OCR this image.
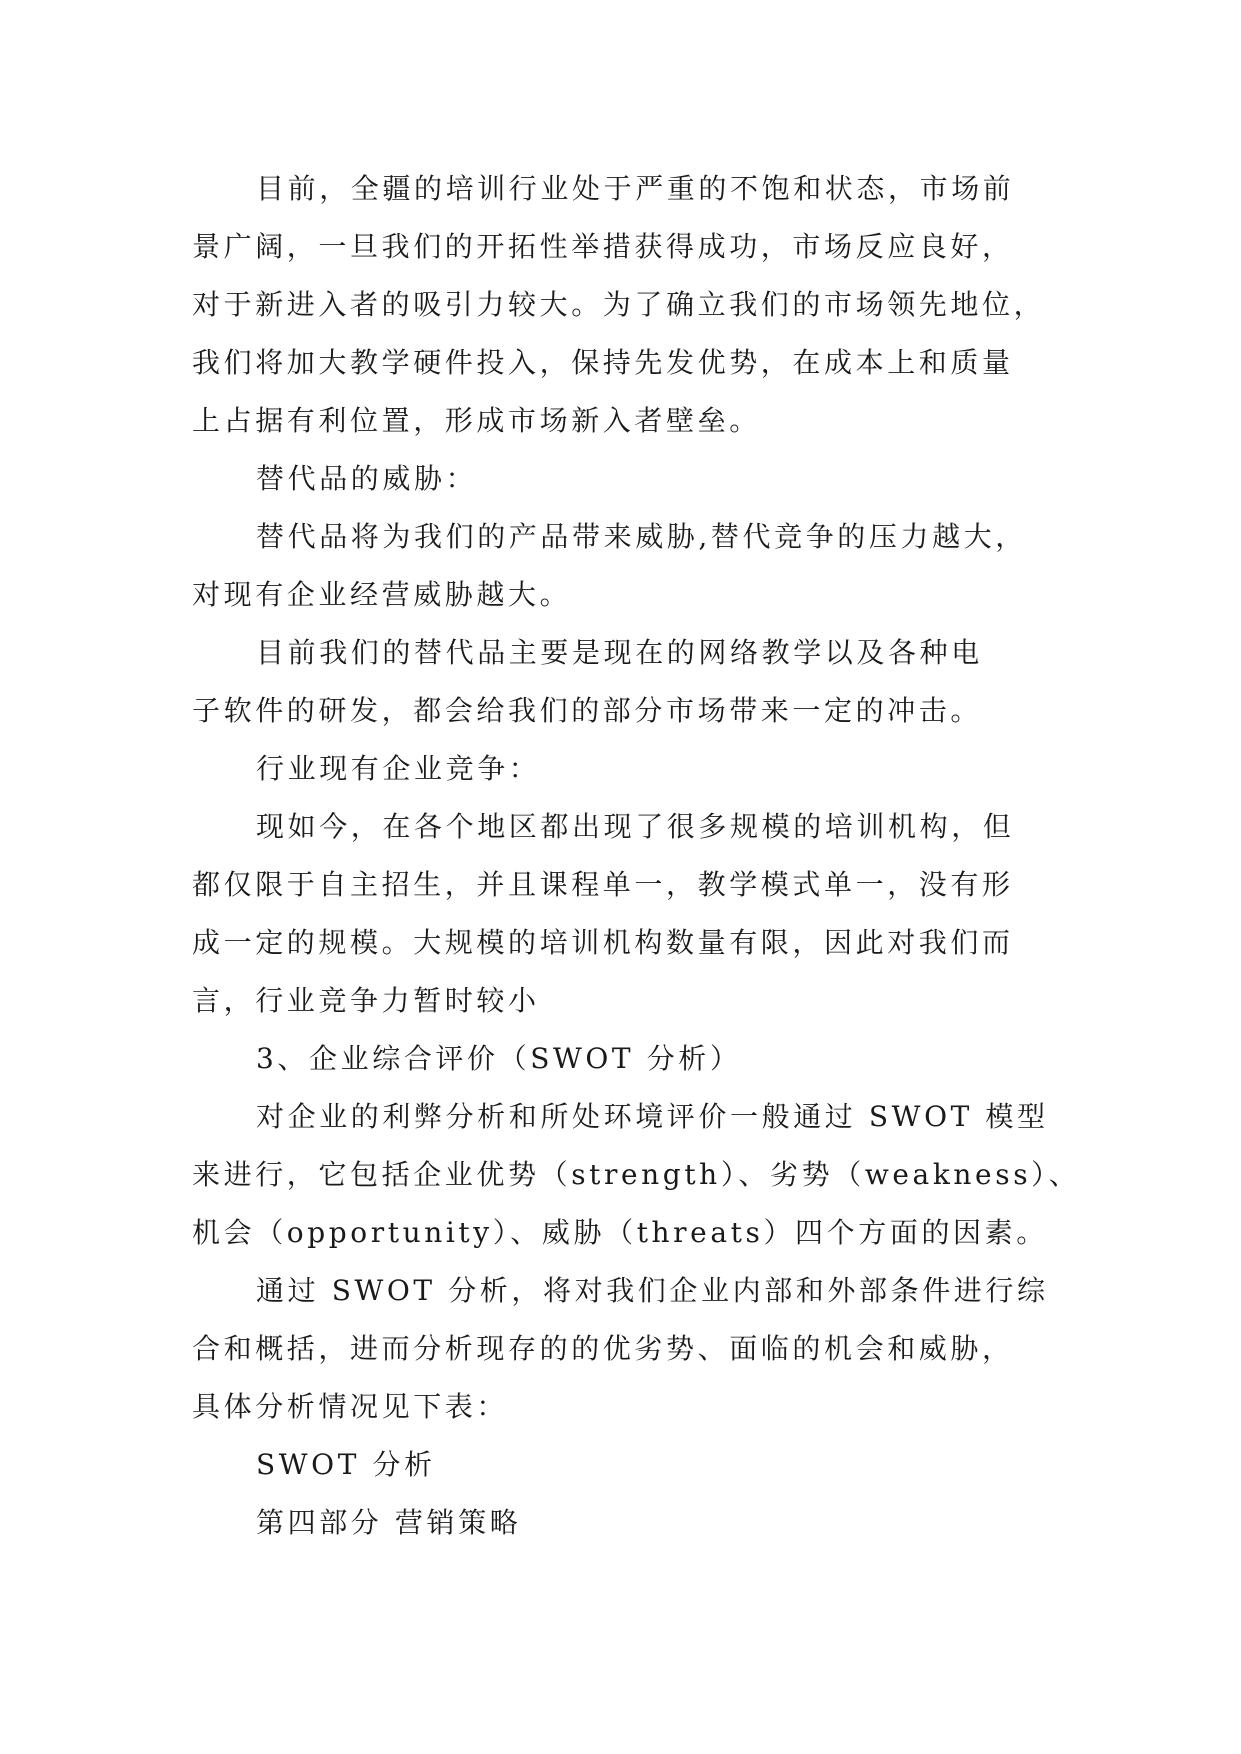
目前，全疆的培训行业处于严重的不饱和状态，市场前
景广阔，一旦我们的开拓性举措获得成功，市场反应良好，
对于新进入者的吸引力较大。为了确立我们的市场领先地位，
我们将加大教学硬件投入，保持先发优势，在成本上和质量
上占据有利位置，形成市场新入者壁垒。

替代品的威胁：

替代品将为我们的产品带来威胁,替代竞争的压力越大，
对现有企业经营威胁越大。

目前我们的替代品主要是现在的网络教学以及各种电
子软件的研发，都会给我们的部分市场带来一定的冲击。

行业现有企业竞争：

现如今，在各个地区都出现了很多规模的培训机构，但
都仅限于自主招生，并且课程单一，教学模式单一，没有形
成一定的规模。大规模的培训机构数量有限，因此对我们而
言，行业竞争力暂时较小

3、企业综合评价（SWOT 分析）

对企业的利弊分析和所处环境评价一般通过 SWOT 模型
来进行，它包括企业优势（strength）、劣势（weakness）、
机会（opportunity）、威胁（threats）四个方面的因素。

通过 SWOT 分析，将对我们企业内部和外部条件进行综
合和概括，进而分析现存的的优劣势、面临的机会和威胁，
具体分析情况见下表：

SWOT 分析

第四部分 营销策略
